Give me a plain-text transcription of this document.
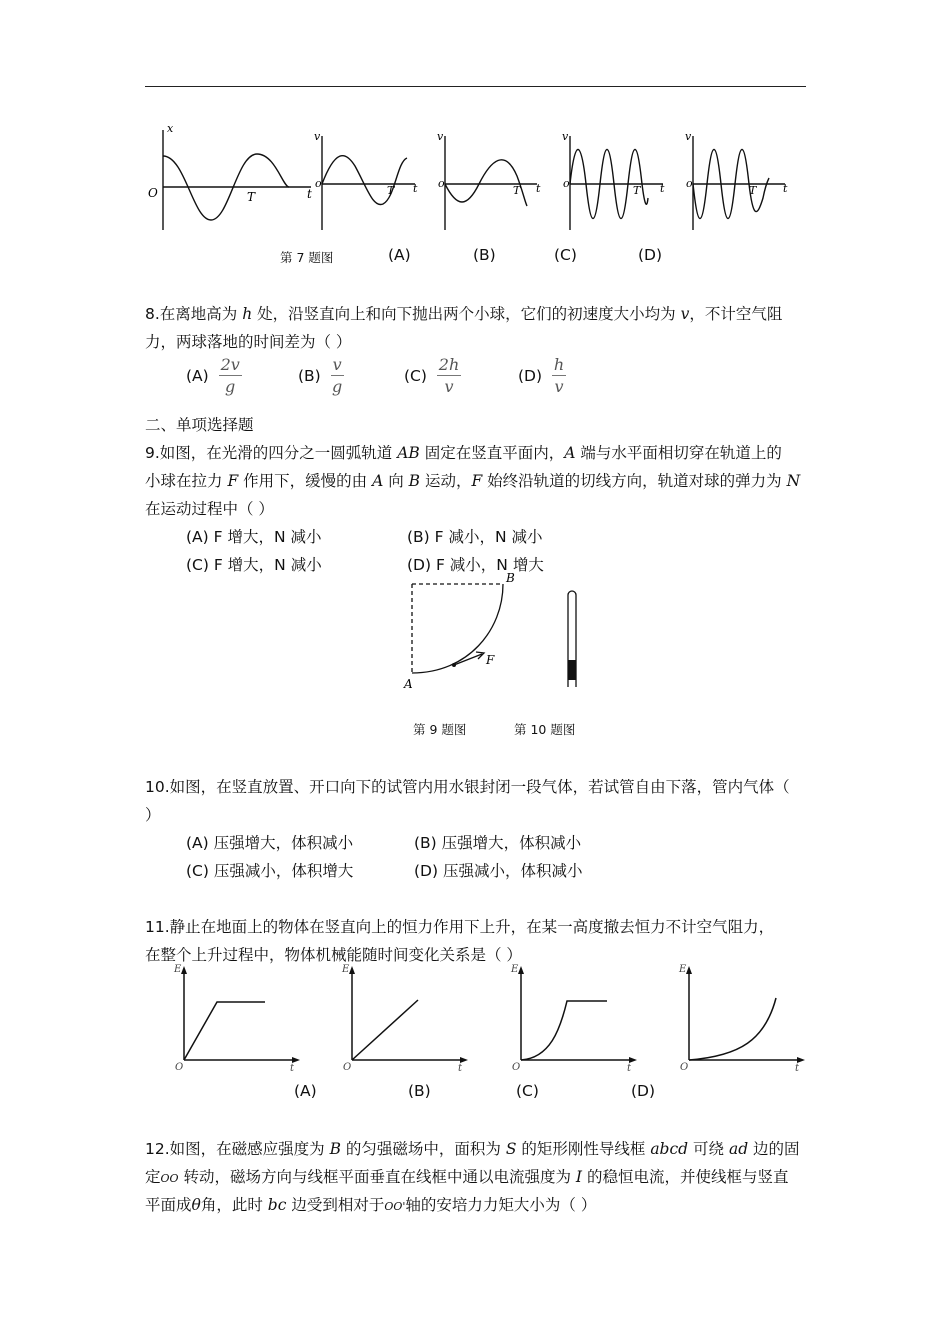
x
O	T	t
v
o
T t
v
o
T t
v
o
T t
v
o
T t
第 7 题图	(A)	(B)	(C)	(D)
8.在离地高为 h 处，沿竖直向上和向下抛出两个小球，它们的初速度大小均为 v，不计空气阻
力，两球落地的时间差为（ ）
$(A) \frac{2v}{g}$	$(B) \frac{v}{g}$	$(C) \frac{2h}{v}$	$(D) \frac{h}{v}$
二、单项选择题
9.如图，在光滑的四分之一圆弧轨道 AB 固定在竖直平面内，A 端与水平面相切穿在轨道上的
小球在拉力 F 作用下，缓慢的由 A 向 B 运动，F 始终沿轨道的切线方向，轨道对球的弹力为 N
在运动过程中（ ）
(A) F 增大，N 减小	(B) F 减小，N 减小
(C) F 增大，N 减小	(D) F 减小，N 增大
B
A
F
第 9 题图	第 10 题图
10.如图，在竖直放置、开口向下的试管内用水银封闭一段气体，若试管自由下落，管内气体（
）
(A) 压强增大，体积减小	(B) 压强增大，体积减小
(C) 压强减小，体积增大	(D) 压强减小，体积减小
11.静止在地面上的物体在竖直向上的恒力作用下上升，在某一高度撤去恒力不计空气阻力，
在整个上升过程中，物体机械能随时间变化关系是（ ）
E
O	t
E
O	t
E
O	t
E
O	t
(A)	(B)	(C)	(D)
12.如图，在磁感应强度为 B 的匀强磁场中，面积为 S 的矩形刚性导线框 abcd 可绕 ad 边的固
定OO 转动，磁场方向与线框平面垂直在线框中通以电流强度为 I 的稳恒电流，并使线框与竖直
平面成θ角，此时 bc 边受到相对于OO'轴的安培力力矩大小为（ ）
